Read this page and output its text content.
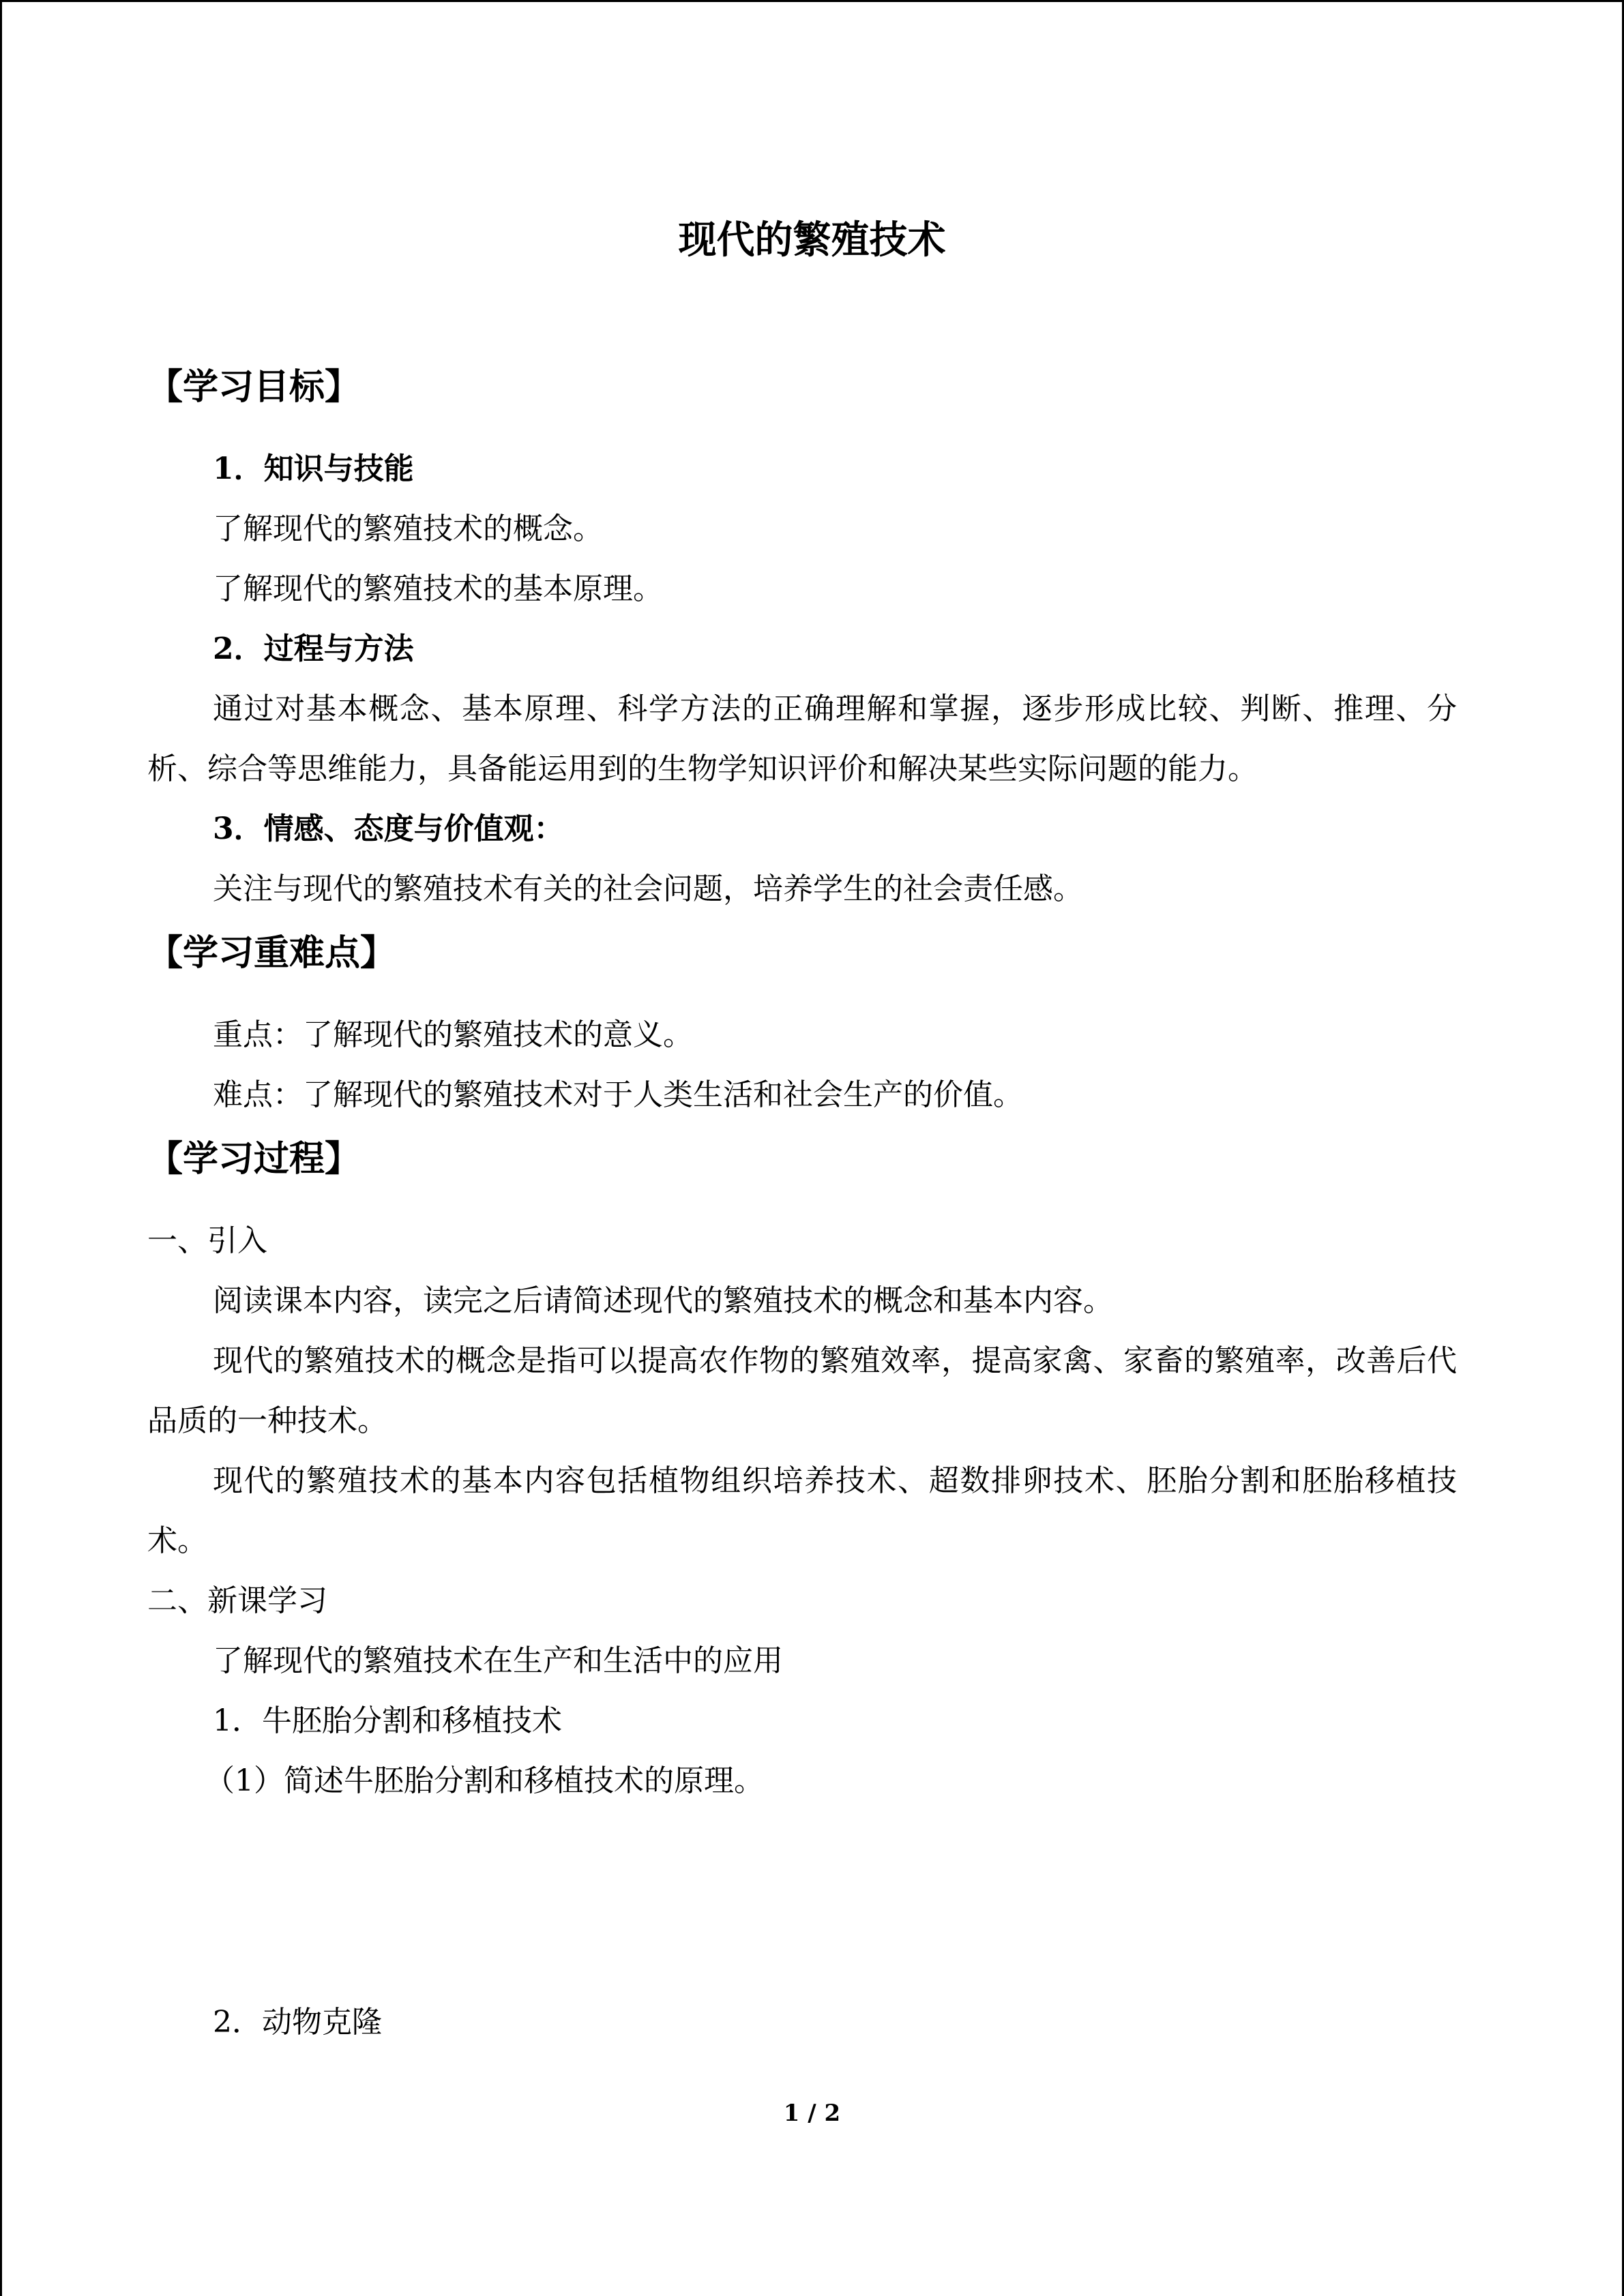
现代的繁殖技术
【学习目标】
1．知识与技能
了解现代的繁殖技术的概念。
了解现代的繁殖技术的基本原理。
2．过程与方法
通过对基本概念、基本原理、科学方法的正确理解和掌握，逐步形成比较、判断、推理、分析、综合等思维能力，具备能运用到的生物学知识评价和解决某些实际问题的能力。
3．情感、态度与价值观：
关注与现代的繁殖技术有关的社会问题，培养学生的社会责任感。
【学习重难点】
重点：了解现代的繁殖技术的意义。
难点：了解现代的繁殖技术对于人类生活和社会生产的价值。
【学习过程】
一、引入
阅读课本内容，读完之后请简述现代的繁殖技术的概念和基本内容。
现代的繁殖技术的概念是指可以提高农作物的繁殖效率，提高家禽、家畜的繁殖率，改善后代品质的一种技术。
现代的繁殖技术的基本内容包括植物组织培养技术、超数排卵技术、胚胎分割和胚胎移植技术。
二、新课学习
了解现代的繁殖技术在生产和生活中的应用
1．牛胚胎分割和移植技术
（1）简述牛胚胎分割和移植技术的原理。
2．动物克隆
1 / 2
